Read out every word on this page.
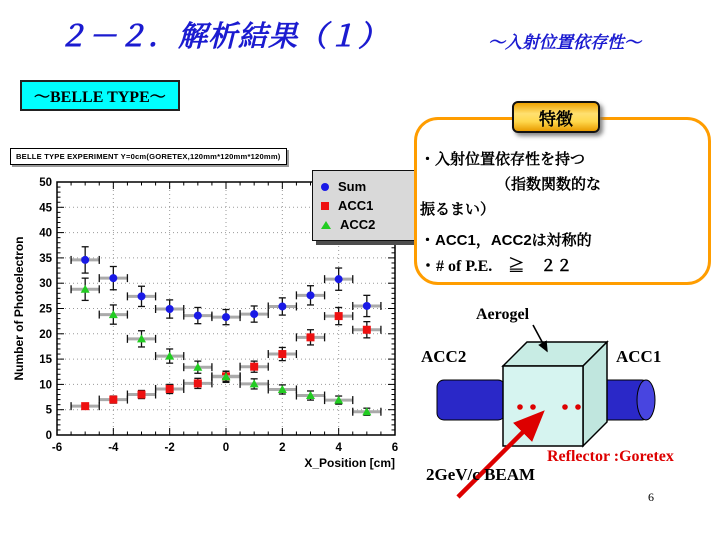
２－２．解析結果（１）	～入射位置依存性～
～BELLE TYPE～
0
5
10
15
20
25
30
35
40
45
50
-6	-4	-2	0	2	4	6
X_Position [cm]
Number of Photoelectron
BELLE TYPE EXPERIMENT Y=0cm(GORETEX,120mm*120mm*120mm)
Sum
ACC1
ACC2
特徴
・入射位置依存性を持つ
（指数関数的な
振るまい）
・ACC1，ACC2は対称的
・# of P.E.　≧　２２
Aerogel
ACC2	ACC1
Reflector :Goretex
2GeV/c BEAM
6
